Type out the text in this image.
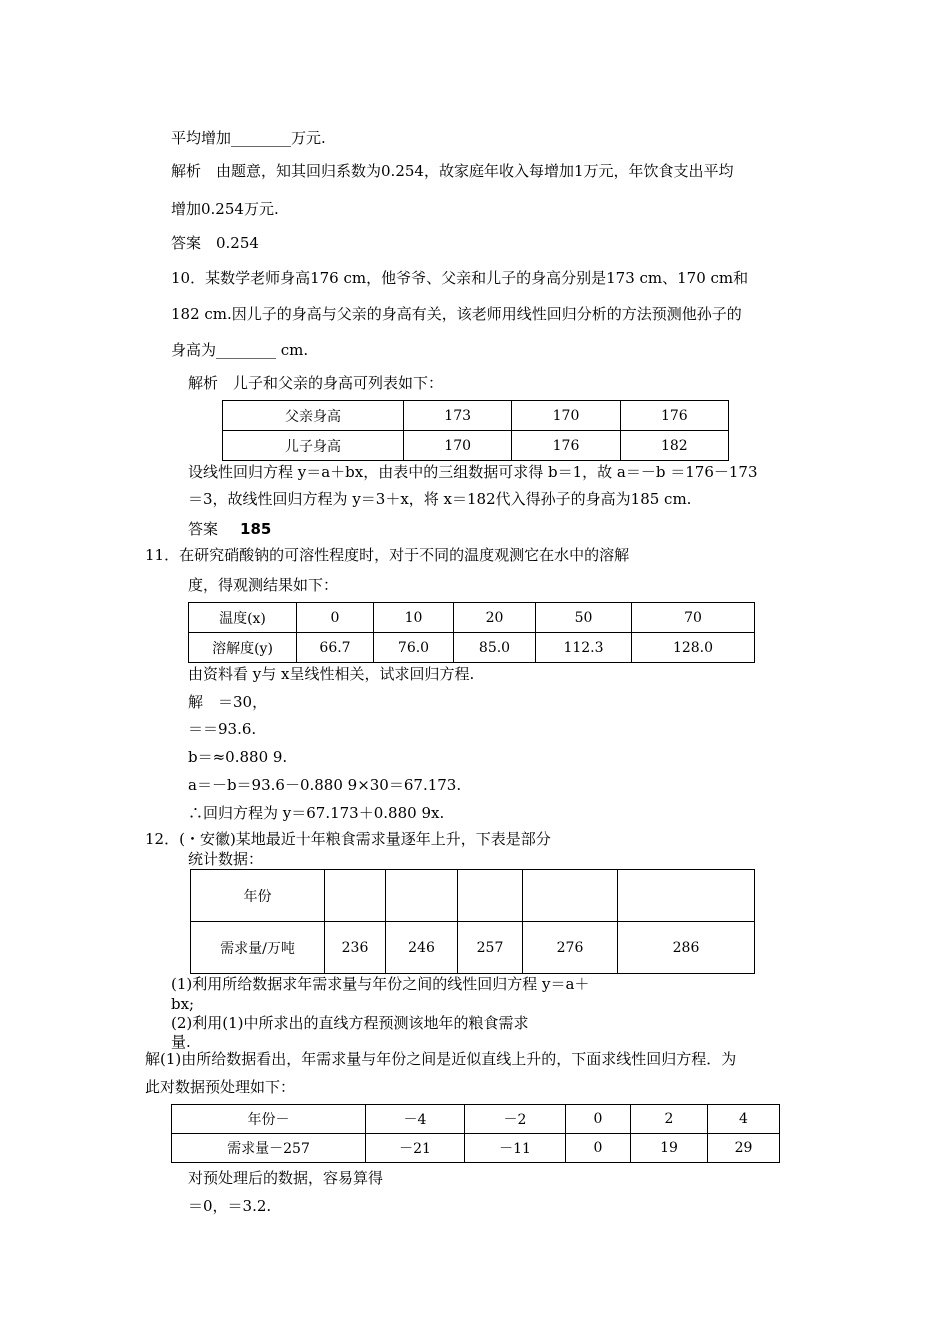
平均增加________万元.
解析　由题意，知其回归系数为0.254，故家庭年收入每增加1万元，年饮食支出平均
增加0.254万元.
答案　0.254
10．某数学老师身高176 cm，他爷爷、父亲和儿子的身高分别是173 cm、170 cm和
182 cm.因儿子的身高与父亲的身高有关，该老师用线性回归分析的方法预测他孙子的
身高为________ cm.
解析　儿子和父亲的身高可列表如下：
父亲身高	173	170	176
儿子身高	170	176	182
设线性回归方程 y＝a＋bx，由表中的三组数据可求得 b＝1，故 a＝－b ＝176－173
＝3，故线性回归方程为 y＝3＋x，将 x＝182代入得孙子的身高为185 cm.
答案 185
11．在研究硝酸钠的可溶性程度时，对于不同的温度观测它在水中的溶解
度，得观测结果如下：
温度(x)	0	10	20	50	70
溶解度(y)	66.7	76.0	85.0	112.3	128.0
由资料看 y与 x呈线性相关，试求回归方程.
解　＝30，
＝＝93.6.
b＝≈0.880 9.
a＝－b＝93.6－0.880 9×30＝67.173.
∴回归方程为 y＝67.173＋0.880 9x.
12．(・安徽)某地最近十年粮食需求量逐年上升，下表是部分
统计数据：
年份					
需求量/万吨	236	246	257	276	286
(1)利用所给数据求年需求量与年份之间的线性回归方程 y＝a＋
bx;
(2)利用(1)中所求出的直线方程预测该地年的粮食需求
量.
解(1)由所给数据看出，年需求量与年份之间是近似直线上升的，下面求线性回归方程．为
此对数据预处理如下：
年份－	－4	－2	0	2	4
需求量－257	－21	－11	0	19	29
对预处理后的数据，容易算得
＝0，＝3.2.
